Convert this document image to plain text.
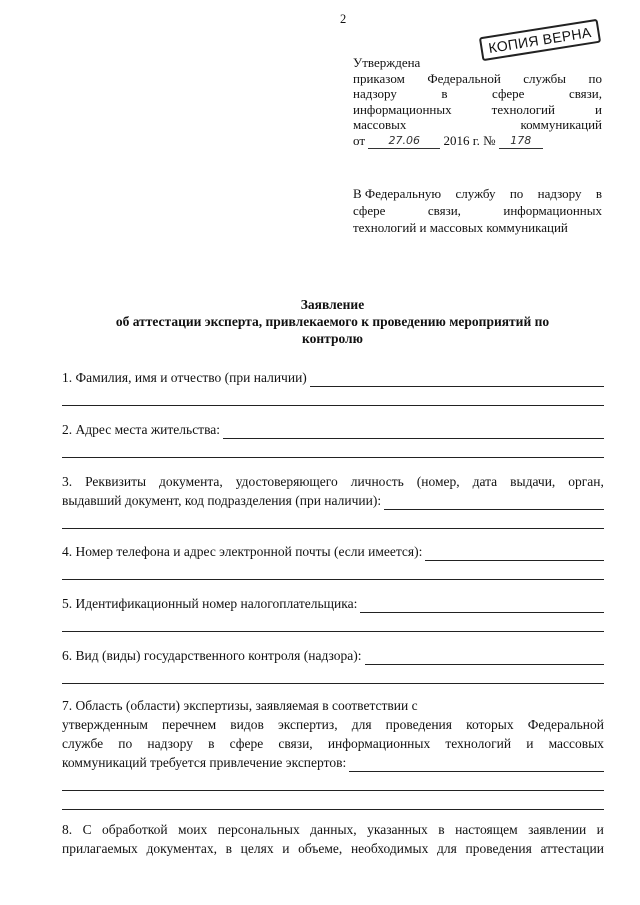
2
КОПИЯ ВЕРНА
Утверждена
приказом Федеральной службы по
надзору	в	сфере	связи,
информационных	технологий	и
массовых	коммуникаций
от
	27.06
	2016 г. №
	178
В Федеральную службу по надзору в
сфере	связи,	информационных
технологий и массовых коммуникаций
Заявление
об аттестации эксперта, привлекаемого к проведению мероприятий по
контролю
1. Фамилия, имя и отчество (при наличии)
2. Адрес места жительства:
3. Реквизиты документа, удостоверяющего личность (номер, дата выдачи, орган,
выдавший документ, код подразделения (при наличии):
4. Номер телефона и адрес электронной почты (если имеется):
5. Идентификационный номер налогоплательщика:
6. Вид (виды) государственного контроля (надзора):
7. Область (области) экспертизы, заявляемая в соответствии с
утвержденным перечнем видов экспертиз, для проведения которых Федеральной
службе по надзору в сфере связи, информационных технологий и массовых
коммуникаций требуется привлечение экспертов:
8. С обработкой моих персональных данных, указанных в настоящем заявлении и
прилагаемых документах, в целях и объеме, необходимых для проведения аттестации
